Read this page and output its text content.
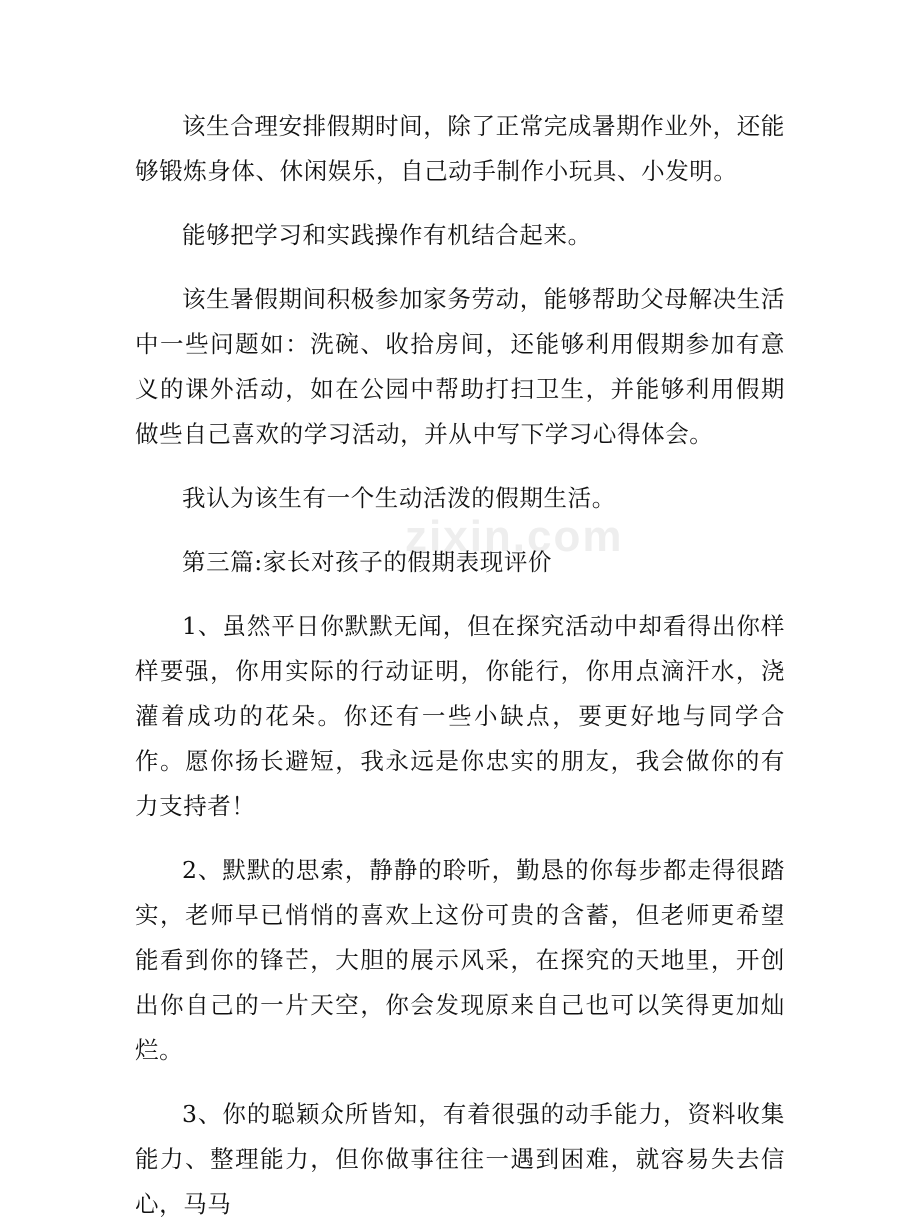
zixin.com

该生合理安排假期时间，除了正常完成暑期作业外，还能够锻炼身体、休闲娱乐，自己动手制作小玩具、小发明。

能够把学习和实践操作有机结合起来。

该生暑假期间积极参加家务劳动，能够帮助父母解决生活中一些问题如：洗碗、收拾房间，还能够利用假期参加有意义的课外活动，如在公园中帮助打扫卫生，并能够利用假期做些自己喜欢的学习活动，并从中写下学习心得体会。

我认为该生有一个生动活泼的假期生活。

第三篇:家长对孩子的假期表现评价

1、虽然平日你默默无闻，但在探究活动中却看得出你样样要强，你用实际的行动证明，你能行，你用点滴汗水，浇灌着成功的花朵。你还有一些小缺点，要更好地与同学合作。愿你扬长避短，我永远是你忠实的朋友，我会做你的有力支持者！

2、默默的思索，静静的聆听，勤恳的你每步都走得很踏实，老师早已悄悄的喜欢上这份可贵的含蓄，但老师更希望能看到你的锋芒，大胆的展示风采，在探究的天地里，开创出你自己的一片天空，你会发现原来自己也可以笑得更加灿烂。

3、你的聪颖众所皆知，有着很强的动手能力，资料收集能力、整理能力，但你做事往往一遇到困难，就容易失去信心，马马
